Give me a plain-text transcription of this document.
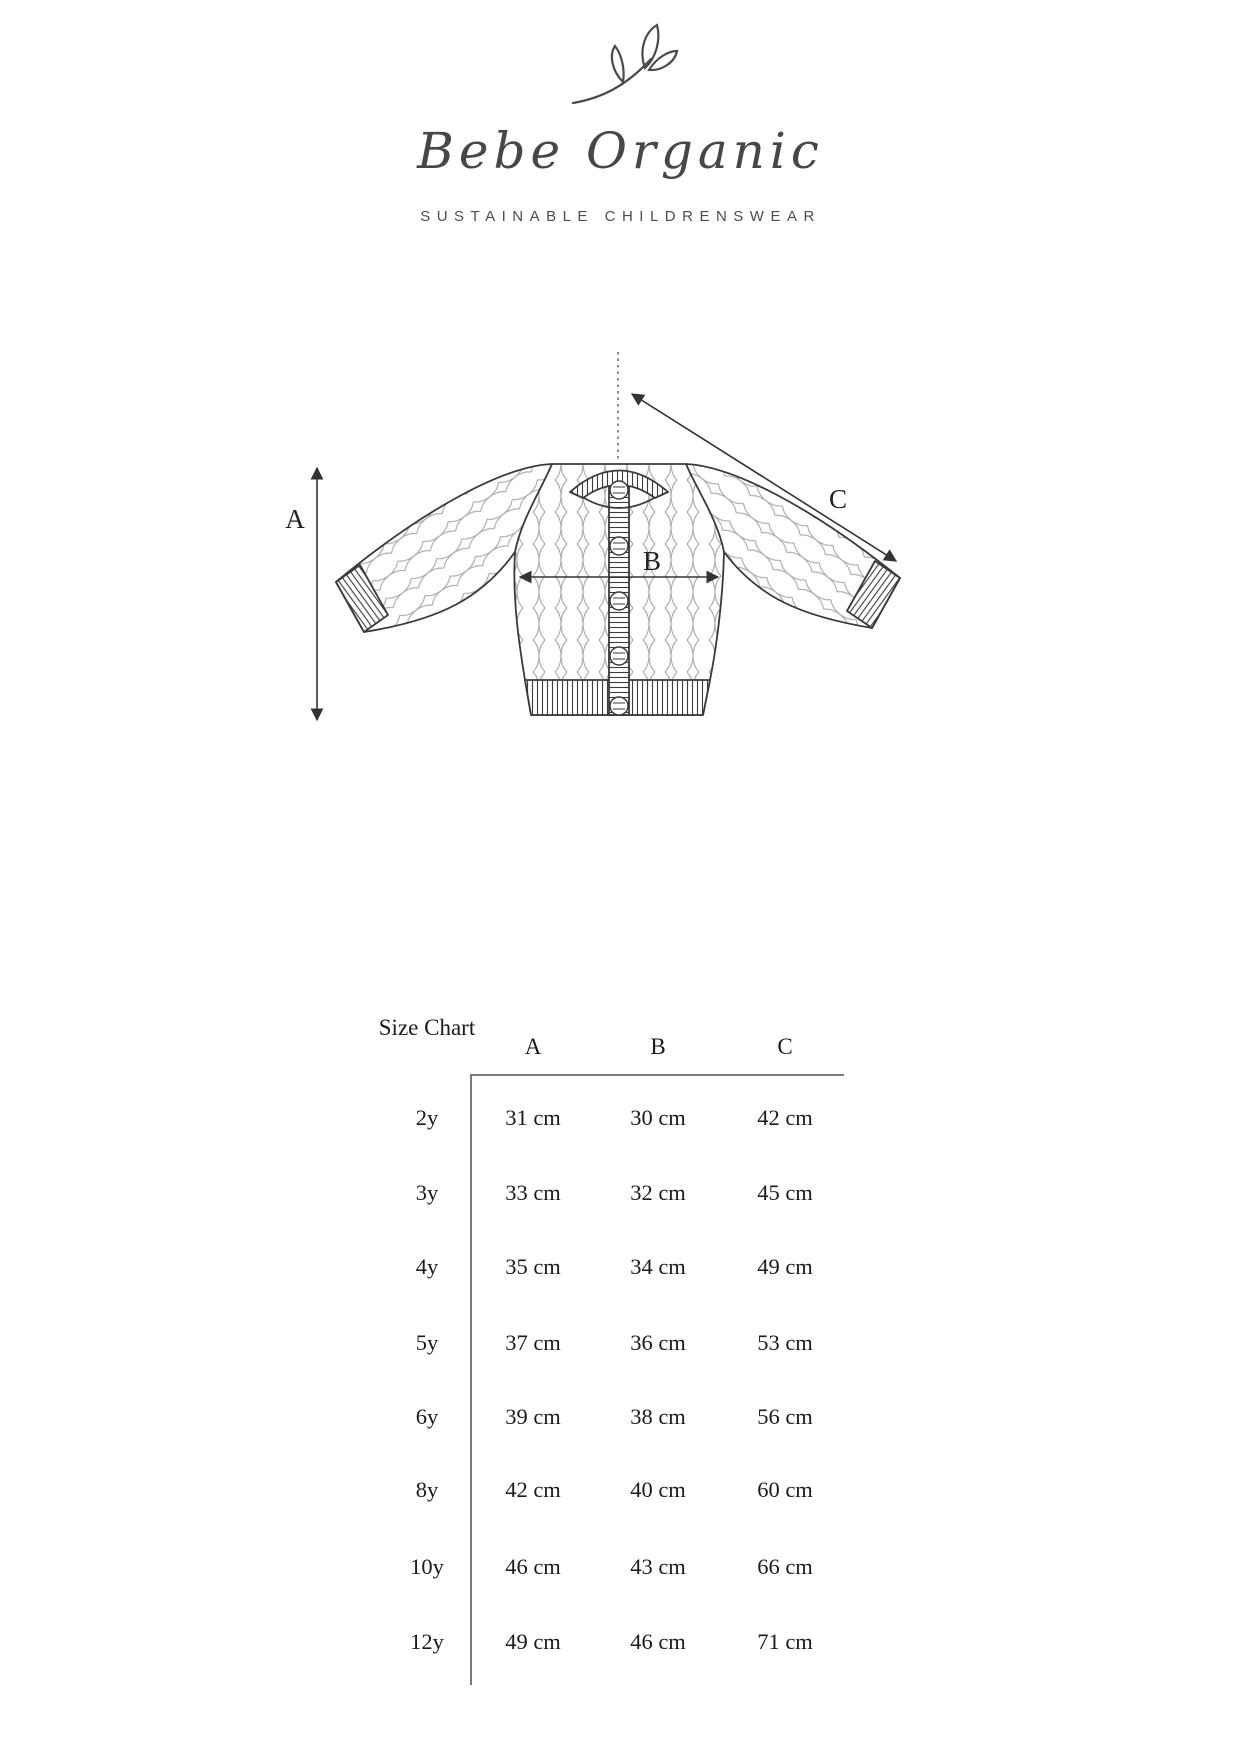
Bebe Organic
SUSTAINABLE CHILDRENSWEAR
A
B
C
Size Chart
A	B	C
2y	31 cm	30 cm	42 cm
3y	33 cm	32 cm	45 cm
4y	35 cm	34 cm	49 cm
5y	37 cm	36 cm	53 cm
6y	39 cm	38 cm	56 cm
8y	42 cm	40 cm	60 cm
10y	46 cm	43 cm	66 cm
12y	49 cm	46 cm	71 cm
